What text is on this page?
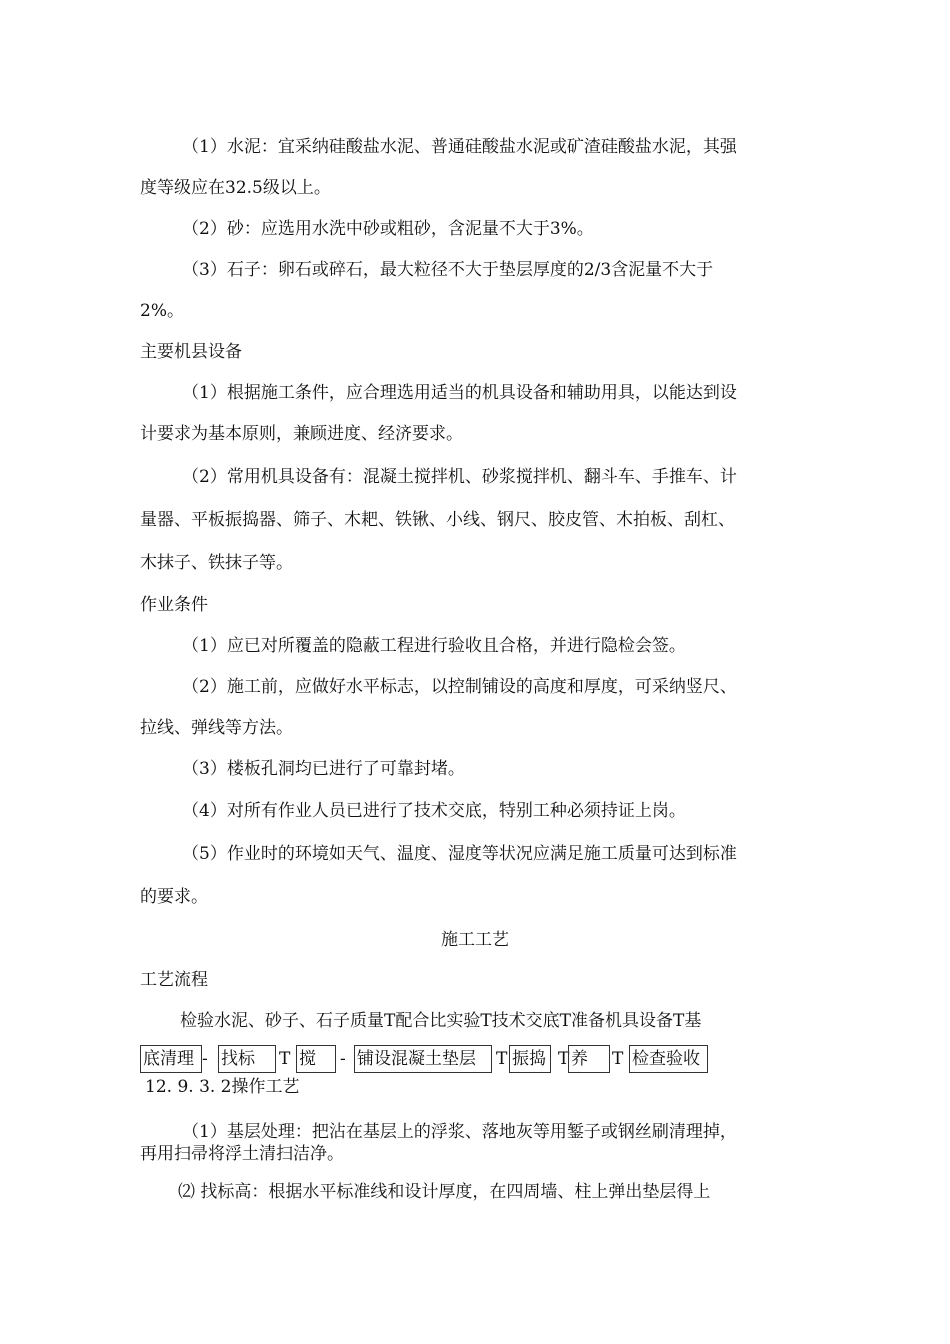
（1）水泥：宜采纳硅酸盐水泥、普通硅酸盐水泥或矿渣硅酸盐水泥，其强

度等级应在32.5级以上。

（2）砂：应选用水洗中砂或粗砂，含泥量不大于3%。

（3）石子：卵石或碎石，最大粒径不大于垫层厚度的2/3含泥量不大于

2%。

主要机县设备

（1）根据施工条件，应合理选用适当的机具设备和辅助用具，以能达到设

计要求为基本原则，兼顾进度、经济要求。

（2）常用机具设备有：混凝土搅拌机、砂浆搅拌机、翻斗车、手推车、计

量器、平板振捣器、筛子、木耙、铁锹、小线、钢尺、胶皮管、木拍板、刮杠、

木抹子、铁抹子等。

作业条件

（1）应已对所覆盖的隐蔽工程进行验收且合格，并进行隐检会签。

（2）施工前，应做好水平标志，以控制铺设的高度和厚度，可采纳竖尺、

拉线、弹线等方法。

（3）楼板孔洞均已进行了可靠封堵。

（4）对所有作业人员已进行了技术交底，特别工种必须持证上岗。

（5）作业时的环境如天气、温度、湿度等状况应满足施工质量可达到标准

的要求。

施工工艺

工艺流程

检验水泥、砂子、石子质量T配合比实验T技术交底T准备机具设备T基

底清理 - 找标	T 搅	- 铺设混凝土垫层	T 振捣 T 养	T 检查验收

12. 9. 3. 2操作工艺

（1）基层处理：把沾在基层上的浮浆、落地灰等用錾子或钢丝刷清理掉，

再用扫帚将浮土清扫洁净。

⑵ 找标高：根据水平标准线和设计厚度，在四周墙、柱上弹出垫层得上
